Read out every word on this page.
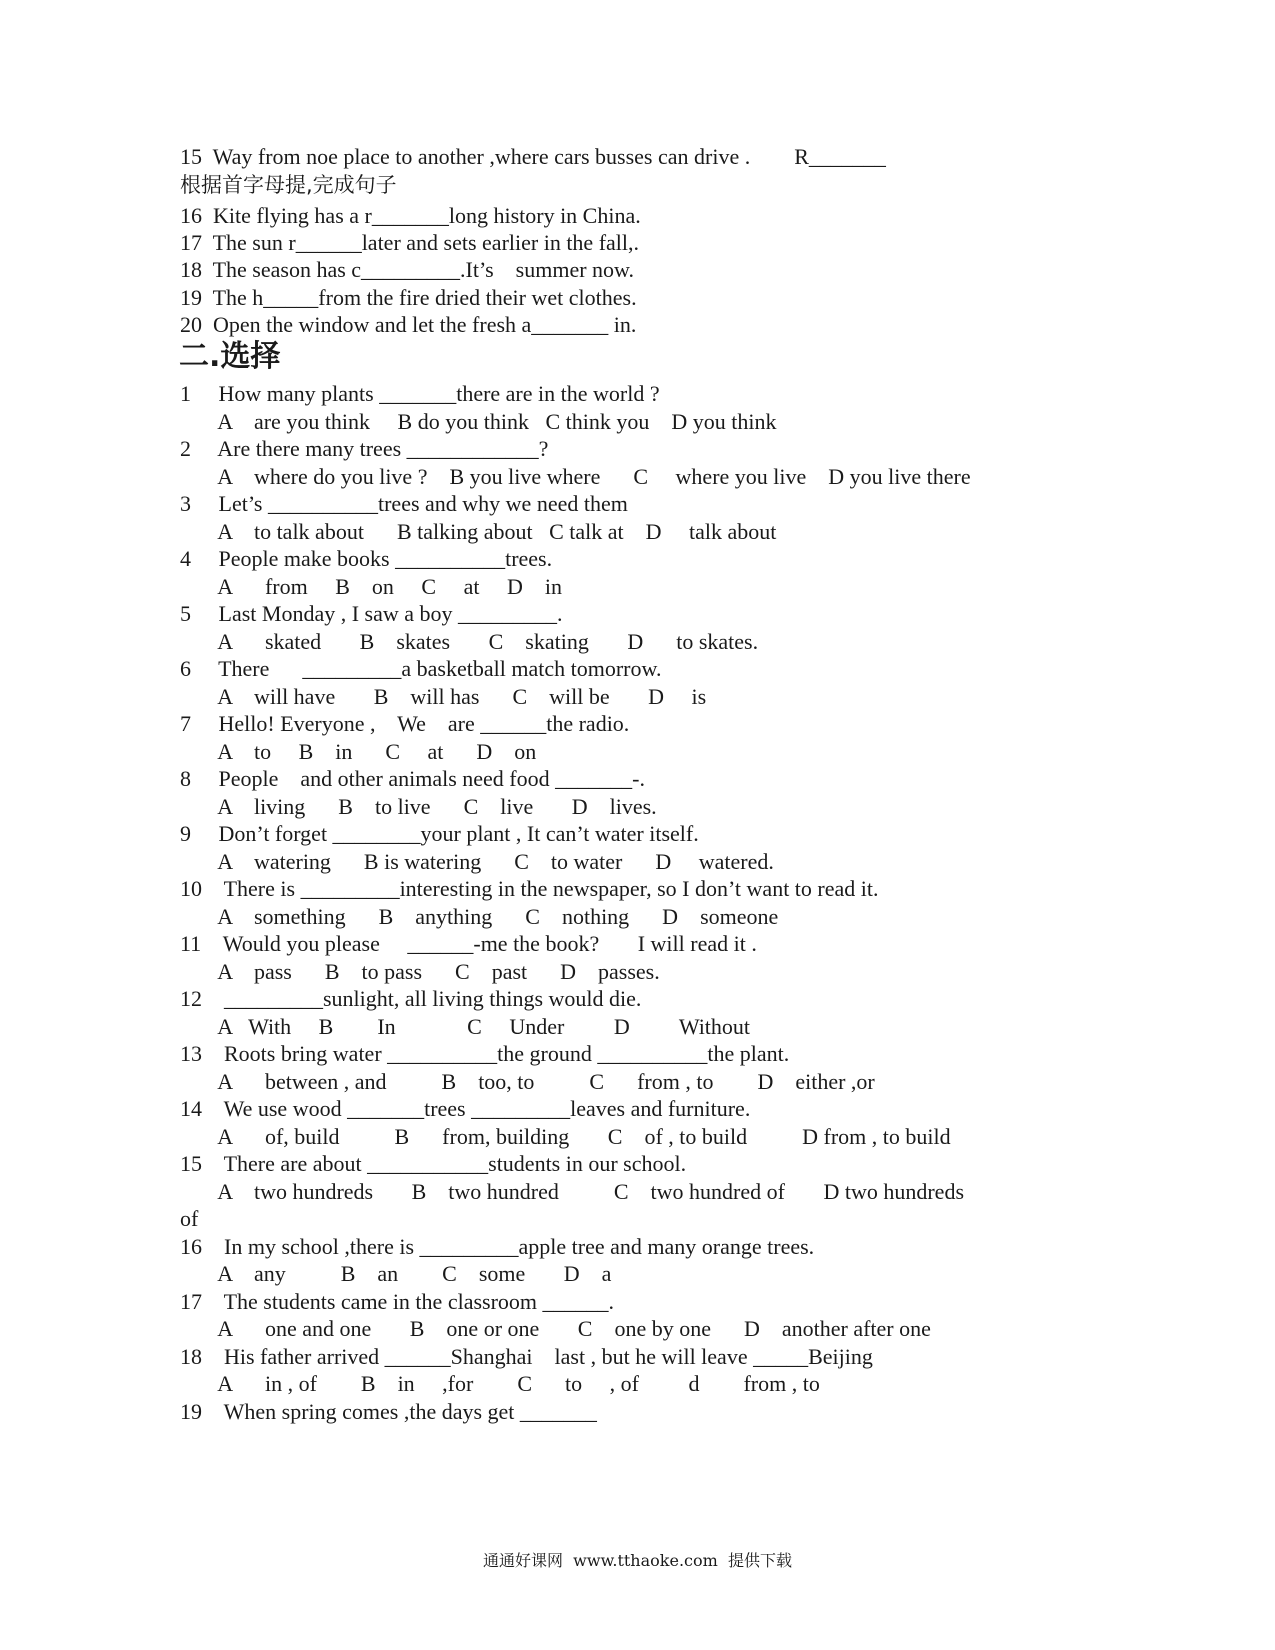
15  Way from noe place to another ,where cars busses can drive .        R_______
根据首字母提,完成句子
16  Kite flying has a r_______long history in China.
17  The sun r______later and sets earlier in the fall,.
18  The season has c_________.It’s    summer now.
19  The h_____from the fire dried their wet clothes.
20  Open the window and let the fresh a_______ in.
二.选择
1     How many plants _______there are in the world ?
A    are you think     B do you think   C think you    D you think
2     Are there many trees ____________?
A    where do you live ?    B you live where      C     where you live    D you live there
3     Let’s __________trees and why we need them
A    to talk about      B talking about   C talk at    D     talk about
4     People make books __________trees.
A      from     B    on     C     at     D    in
5     Last Monday , I saw a boy _________.
A      skated       B    skates       C    skating       D      to skates.
6     There      _________a basketball match tomorrow.
A    will have       B    will has      C    will be       D     is
7     Hello! Everyone ,    We    are ______the radio.
A    to     B    in      C     at      D    on
8     People    and other animals need food _______-.
A    living      B    to live      C    live       D    lives.
9     Don’t forget ________your plant , It can’t water itself.
A    watering      B is watering      C    to water      D     watered.
10    There is _________interesting in the newspaper, so I don’t want to read it.
A    something      B    anything      C    nothing      D    someone
11    Would you please     ______-me the book?       I will read it .
A    pass      B    to pass      C    past      D    passes.
12    _________sunlight, all living things would die.
A   With     B        In             C     Under         D         Without
13    Roots bring water __________the ground __________the plant.
A      between , and          B    too, to          C      from , to        D    either ,or
14    We use wood _______trees _________leaves and furniture.
A      of, build          B      from, building       C    of , to build          D from , to build
15    There are about ___________students in our school.
A    two hundreds       B    two hundred          C    two hundred of       D two hundreds
of
16    In my school ,there is _________apple tree and many orange trees.
A    any          B    an        C    some       D    a
17    The students came in the classroom ______.
A      one and one       B    one or one       C    one by one      D    another after one
18    His father arrived ______Shanghai    last , but he will leave _____Beijing
A      in , of        B    in     ,for        C      to     , of         d        from , to
19    When spring comes ,the days get _______
通通好课网  www.tthaoke.com  提供下载
